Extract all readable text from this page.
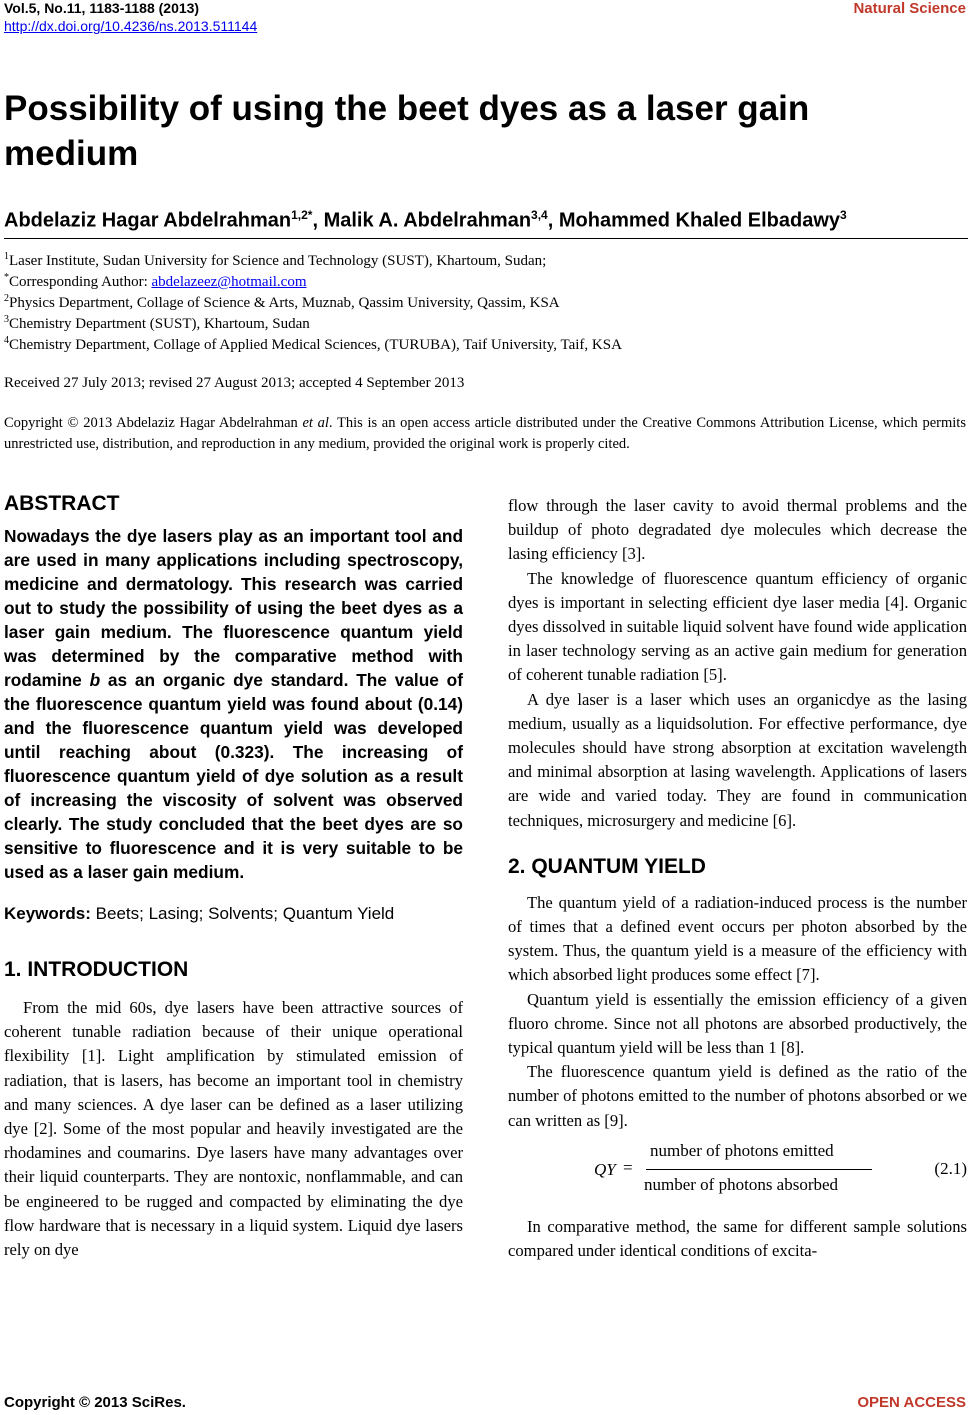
Vol.5, No.11, 1183-1188 (2013)
http://dx.doi.org/10.4236/ns.2013.511144
Natural Science
Possibility of using the beet dyes as a laser gain medium
Abdelaziz Hagar Abdelrahman$^{1,2*}$, Malik A. Abdelrahman$^{3,4}$, Mohammed Khaled Elbadawy$^3$
$^1$Laser Institute, Sudan University for Science and Technology (SUST), Khartoum, Sudan;
*Corresponding Author: abdelazeez@hotmail.com
$^2$Physics Department, Collage of Science & Arts, Muznab, Qassim University, Qassim, KSA
$^3$Chemistry Department (SUST), Khartoum, Sudan
$^4$Chemistry Department, Collage of Applied Medical Sciences, (TURUBA), Taif University, Taif, KSA
Received 27 July 2013; revised 27 August 2013; accepted 4 September 2013
Copyright © 2013 Abdelaziz Hagar Abdelrahman et al. This is an open access article distributed under the Creative Commons Attribution License, which permits unrestricted use, distribution, and reproduction in any medium, provided the original work is properly cited.
ABSTRACT

Nowadays the dye lasers play as an important tool and are used in many applications including spectroscopy, medicine and dermatology. This research was carried out to study the possibility of using the beet dyes as a laser gain medium. The fluorescence quantum yield was determined by the comparative method with rodamine b as an organic dye standard. The value of the fluorescence quantum yield was found about (0.14) and the fluorescence quantum yield was developed until reaching about (0.323). The increasing of fluorescence quantum yield of dye solution as a result of increasing the viscosity of solvent was observed clearly. The study concluded that the beet dyes are so sensitive to fluorescence and it is very suitable to be used as a laser gain medium.

Keywords: Beets; Lasing; Solvents; Quantum Yield

1. INTRODUCTION

From the mid 60s, dye lasers have been attractive sources of coherent tunable radiation because of their unique operational flexibility [1]. Light amplification by stimulated emission of radiation, that is lasers, has become an important tool in chemistry and many sciences. A dye laser can be defined as a laser utilizing dye [2]. Some of the most popular and heavily investigated are the rhodamines and coumarins. Dye lasers have many advantages over their liquid counterparts. They are nontoxic, nonflammable, and can be engineered to be rugged and compacted by eliminating the dye flow hardware that is necessary in a liquid system. Liquid dye lasers rely on dye

flow through the laser cavity to avoid thermal problems and the buildup of photo degradated dye molecules which decrease the lasing efficiency [3].

The knowledge of fluorescence quantum efficiency of organic dyes is important in selecting efficient dye laser media [4]. Organic dyes dissolved in suitable liquid solvent have found wide application in laser technology serving as an active gain medium for generation of coherent tunable radiation [5].

A dye laser is a laser which uses an organicdye as the lasing medium, usually as a liquidsolution. For effective performance, dye molecules should have strong absorption at excitation wavelength and minimal absorption at lasing wavelength. Applications of lasers are wide and varied today. They are found in communication techniques, microsurgery and medicine [6].

2. QUANTUM YIELD

The quantum yield of a radiation-induced process is the number of times that a defined event occurs per photon absorbed by the system. Thus, the quantum yield is a measure of the efficiency with which absorbed light produces some effect [7].

Quantum yield is essentially the emission efficiency of a given fluoro chrome. Since not all photons are absorbed productively, the typical quantum yield will be less than 1 [8].

The fluorescence quantum yield is defined as the ratio of the number of photons emitted to the number of photons absorbed or we can written as [9].

QY =
number of photons emitted
number of photons absorbed
(2.1)

In comparative method, the same for different sample solutions compared under identical conditions of excita-

Copyright © 2013 SciRes.	OPEN ACCESS
